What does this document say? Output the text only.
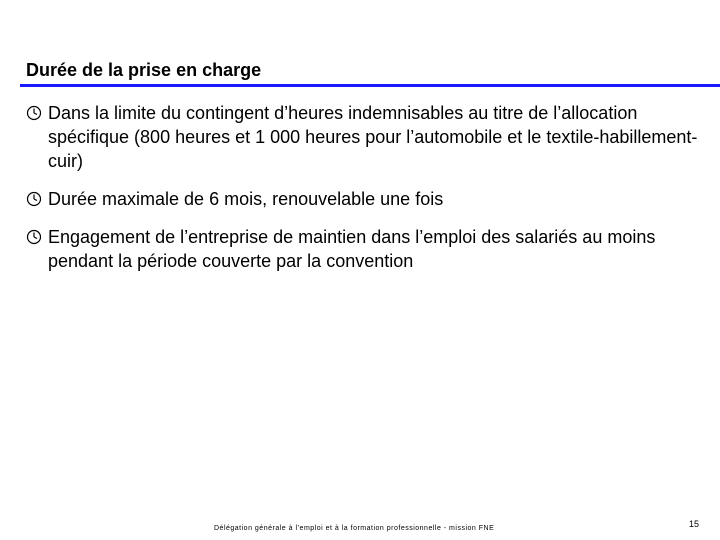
Durée de la prise en charge
Dans la limite du contingent d’heures indemnisables au titre de l’allocation spécifique (800 heures et 1 000 heures pour l’automobile et le textile-habillement-cuir)
Durée maximale de 6 mois, renouvelable une fois
Engagement de l’entreprise de maintien dans l’emploi des salariés au moins pendant la période couverte par la convention
Délégation générale à l’emploi et à la formation professionnelle - mission FNE	15
